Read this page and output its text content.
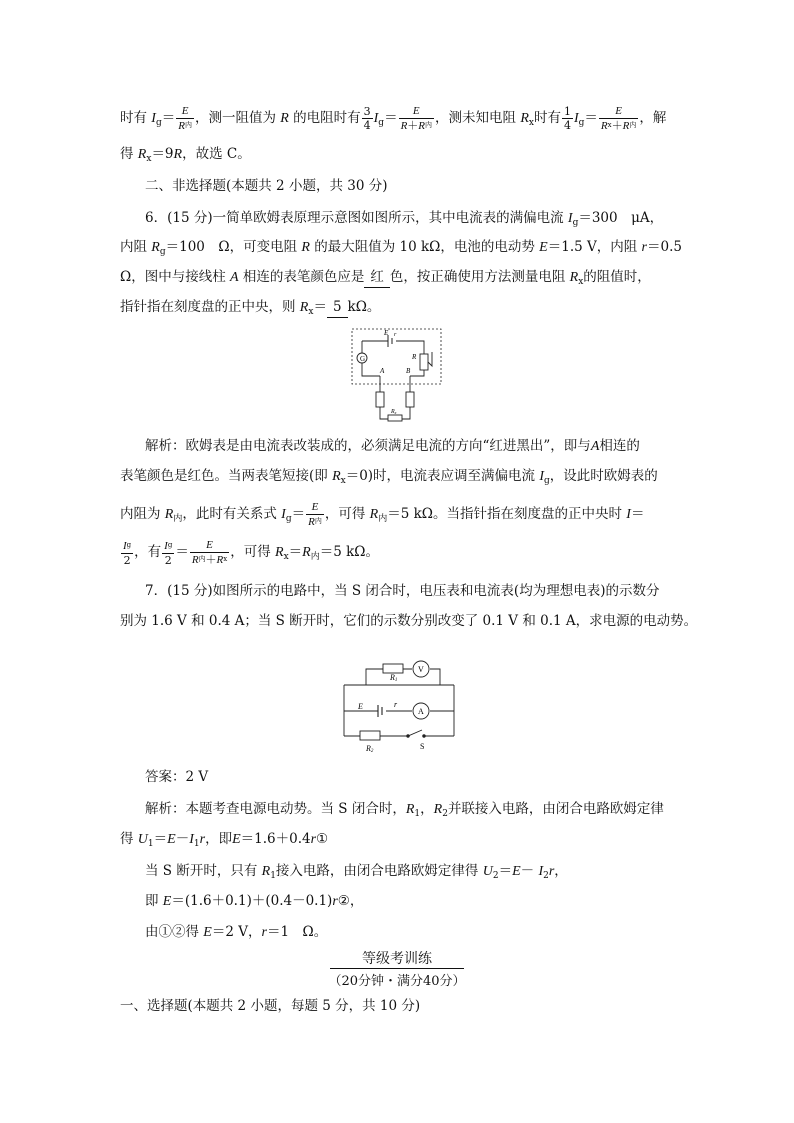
时有 $I_g= \frac{E}{R^内}$ ，测一阻值为 R 的电阻时有 $\frac{3}{4} I_g= \frac{E}{R+R^内}$ ，测未知电阻 $R_x$时有 $\frac{1}{4} I_g= \frac{E}{R^x+R^内}$ ，解
得 $R_x=9R$，故选 C。
二、非选择题(本题共 2 小题，共 30 分)
6．(15 分)一简单欧姆表原理示意图如图所示，其中电流表的满偏电流 $I_g=300$　μA，
内阻 $R_g=100$　Ω，可变电阻 R 的最大阻值为 10 kΩ，电池的电动势 E＝1.5 V，内阻 r＝0.5
Ω，图中与接线柱 A 相连的表笔颜色应是 红 色，按正确使用方法测量电阻 $R_x$的阻值时，
指针指在刻度盘的正中央，则 $R_x= 5$ kΩ。
E r
G	R
A	B
Rx
解析：欧姆表是由电流表改装成的，必须满足电流的方向“红进黑出”，即与A相连的
表笔颜色是红色。当两表笔短接(即 $R_x=0$)时，电流表应调至满偏电流 $I_g$，设此时欧姆表的
内阻为 $R_内$，此时有关系式 $I_g= \frac{E}{R^内}$ ，可得 $R_内=5$ kΩ。当指针指在刻度盘的正中央时 I＝
$\frac{I^g}{2}$ ，有 $\frac{I^g}{2} = \frac{E}{R^内+R^x}$ ，可得 $R_x=R_内=5$ kΩ。
7．(15 分)如图所示的电路中，当 S 闭合时，电压表和电流表(均为理想电表)的示数分
别为 1.6 V 和 0.4 A；当 S 断开时，它们的示数分别改变了 0.1 V 和 0.1 A，求电源的电动势。
R1
V
E	r
A
R2
S
答案：2 V
解析：本题考查电源电动势。当 S 闭合时，$R_1$，$R_2$并联接入电路，由闭合电路欧姆定律
得 $U_1=E-I_1r$，即E＝1.6＋0.4r①
当 S 断开时，只有 $R_1$接入电路，由闭合电路欧姆定律得 $U_2=E- I_2r$，
即 E＝(1.6＋0.1)＋(0.4－0.1)r②，
由①②得 E＝2 V，r＝1　Ω。
等级考训练
（20分钟・满分40分）
一、选择题(本题共 2 小题，每题 5 分，共 10 分)
